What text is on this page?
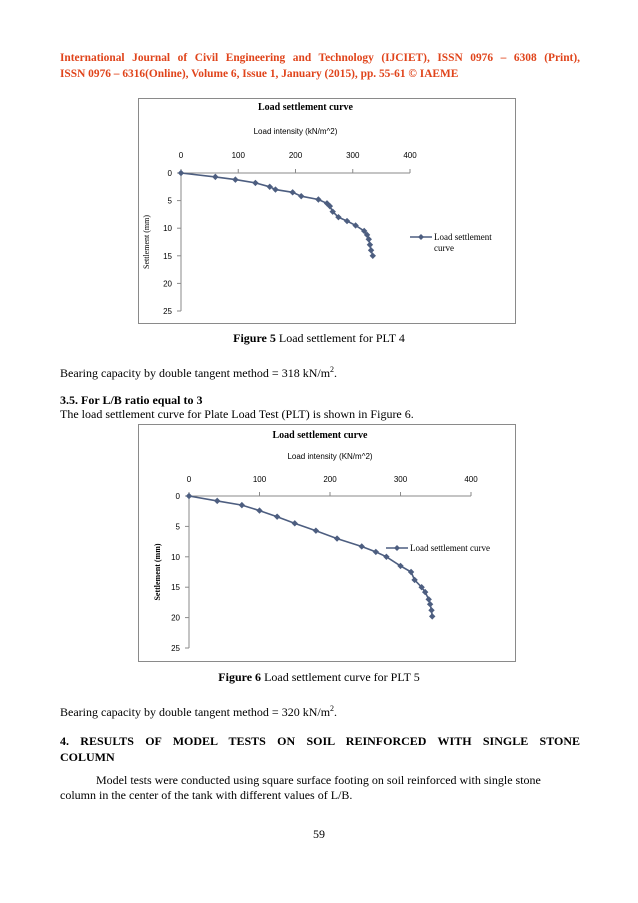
International Journal of Civil Engineering and Technology (IJCIET), ISSN 0976 – 6308 (Print),
ISSN 0976 – 6316(Online), Volume 6, Issue 1, January (2015), pp. 55-61 © IAEME
Load settlement curve
Load intensity (kN/m^2)
Settlement (mm)
0	100	200	300	400
0
5
10
15
20
25
Load settlement curve
Figure 5 Load settlement for PLT 4
Bearing capacity by double tangent method = 318 $kN/m^2$.
3.5. For L/B ratio equal to 3
The load settlement curve for Plate Load Test (PLT) is shown in Figure 6.
Load settlement curve
Load intensity (KN/m^2)
Settlement (mm)
0	100	200	300	400
0
5
10
15
20
25
Load settlement curve
Figure 6 Load settlement curve for PLT 5
Bearing capacity by double tangent method = 320 $kN/m^2$.
4. RESULTS OF MODEL TESTS ON SOIL REINFORCED WITH SINGLE STONE
COLUMN
Model tests were conducted using square surface footing on soil reinforced with single stone
column in the center of the tank with different values of L/B.
59
